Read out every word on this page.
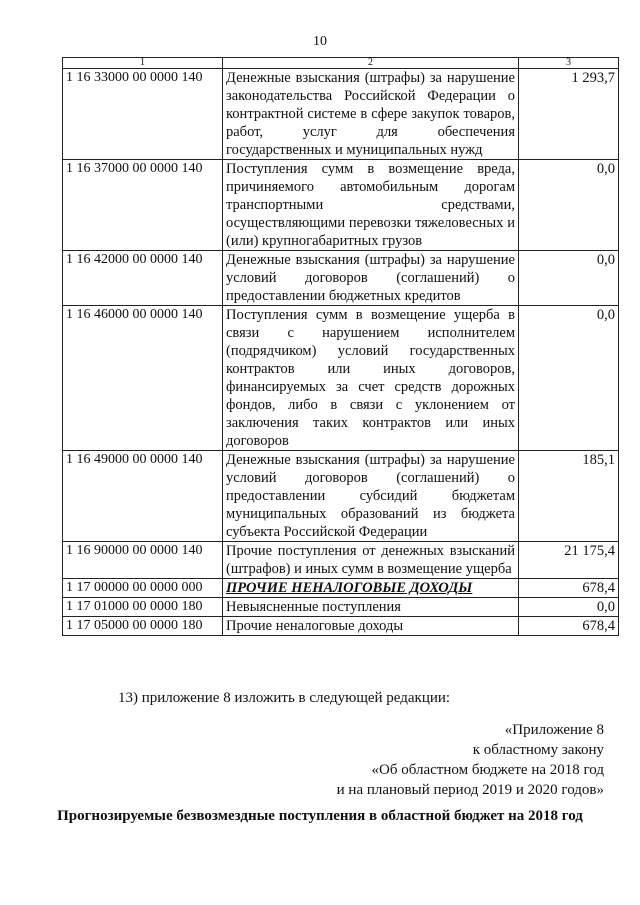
10
1	2	3
1 16 33000 00 0000 140	Денежные взыскания (штрафы) за нарушение законодательства Российской Федерации о контрактной системе в сфере закупок товаров, работ, услуг для обеспечения государственных и муниципальных нужд	1 293,7
1 16 37000 00 0000 140	Поступления сумм в возмещение вреда, причиняемого автомобильным дорогам транспортными средствами, осуществляющими перевозки тяжеловесных и (или) крупногабаритных грузов	0,0
1 16 42000 00 0000 140	Денежные взыскания (штрафы) за нарушение условий договоров (соглашений) о предоставлении бюджетных кредитов	0,0
1 16 46000 00 0000 140	Поступления сумм в возмещение ущерба в связи с нарушением исполнителем (подрядчиком) условий государственных контрактов или иных договоров, финансируемых за счет средств дорожных фондов, либо в связи с уклонением от заключения таких контрактов или иных договоров	0,0
1 16 49000 00 0000 140	Денежные взыскания (штрафы) за нарушение условий договоров (соглашений) о предоставлении субсидий бюджетам муниципальных образований из бюджета субъекта Российской Федерации	185,1
1 16 90000 00 0000 140	Прочие поступления от денежных взысканий (штрафов) и иных сумм в возмещение ущерба	21 175,4
1 17 00000 00 0000 000	ПРОЧИЕ НЕНАЛОГОВЫЕ ДОХОДЫ	678,4
1 17 01000 00 0000 180	Невыясненные поступления	0,0
1 17 05000 00 0000 180	Прочие неналоговые доходы	678,4
13) приложение 8 изложить в следующей редакции:
«Приложение 8
к областному закону
«Об областном бюджете на 2018 год
и на плановый период 2019 и 2020 годов»
Прогнозируемые безвозмездные поступления в областной бюджет на 2018 год
